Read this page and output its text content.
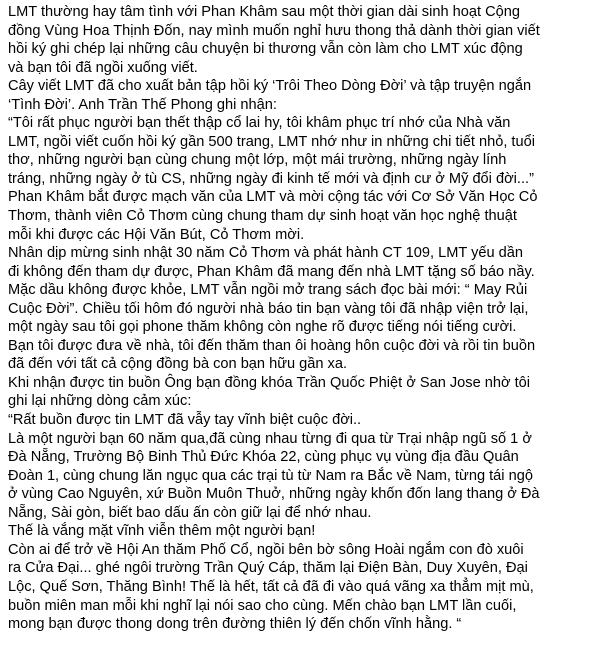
LMT thường hay tâm tình với Phan Khâm sau một thời gian dài sinh hoạt Cộng
đồng Vùng Hoa Thịnh Đốn, nay mình muốn nghỉ hưu thong thả dành thời gian viết
hồi ký ghi chép lại những câu chuyện bi thương vẫn còn làm cho LMT xúc động
và bạn tôi đã ngồi xuống viết.
Cây viết LMT đã cho xuất bản tập hồi ký ‘Trôi Theo Dòng Đời’ và tập truyện ngắn
‘Tình Đời’. Anh Trần Thế Phong ghi nhận:
“Tôi rất phục người bạn thết thập cổ lai hy, tôi khâm phục trí nhớ của Nhà văn
LMT, ngồi viết cuốn hồi ký gần 500 trang, LMT nhớ như in những chi tiết nhỏ, tuổi
thơ, những người bạn cùng chung một lớp, một mái trường, những ngày lính
tráng, những ngày ở tù CS, những ngày đi kinh tế mới và định cư ở Mỹ đổi đời...”
Phan Khâm bắt được mạch văn của LMT và mời cộng tác với Cơ Sở Văn Học Cỏ
Thơm, thành viên Cỏ Thơm cùng chung tham dự sinh hoạt văn học nghệ thuật
mỗi khi được các Hội Văn Bút, Cỏ Thơm mời.
Nhân dịp mừng sinh nhật 30 năm Cỏ Thơm và phát hành CT 109, LMT yếu dần
đi không đến tham dự được, Phan Khâm đã mang đến nhà LMT tặng số báo nầy.
Mặc dầu không được khỏe, LMT vẫn ngồi mở trang sách đọc bài mới: “ May Rủi
Cuộc Đời”. Chiều tối hôm đó người nhà báo tin bạn vàng tôi đã nhập viện trở lại,
một ngày sau tôi gọi phone thăm không còn nghe rõ được tiếng nói tiếng cười.
Bạn tôi được đưa về nhà, tôi đến thăm than ôi hoàng hôn cuộc đời và rồi tin buồn
đã đến với tất cả cộng đồng bà con bạn hữu gần xa.
Khi nhận được tin buồn Ông bạn đồng khóa Trần Quốc Phiệt ở San Jose nhờ tôi
ghi lại những dòng cảm xúc:
“Rất buồn được tin LMT đã vẫy tay vĩnh biệt cuộc đời..
Là một người bạn 60 năm qua,đã cùng nhau từng đi qua từ Trại nhập ngũ số 1 ở
Đà Nẵng, Trường Bộ Binh Thủ Đức Khóa 22, cùng phục vụ vùng địa đầu Quân
Đoàn 1, cùng chung lăn ngục qua các trại tù từ Nam ra Bắc về Nam, từng tái ngộ
ở vùng Cao Nguyên, xứ Buồn Muôn Thuở, những ngày khốn đốn lang thang ở Đà
Nẵng, Sài gòn, biết bao dấu ấn còn giữ lại để nhớ nhau.
Thế là vắng mặt vĩnh viễn thêm một người bạn!
Còn ai để trở về Hội An thăm Phố Cổ, ngồi bên bờ sông Hoài ngắm con đò xuôi
ra Cửa Đại... ghé ngôi trường Trần Quý Cáp, thăm lại Điện Bàn, Duy Xuyên, Đại
Lộc, Quế Sơn, Thăng Bình! Thế là hết, tất cả đã đi vào quá vãng xa thẳm mịt mù,
buồn miên man mỗi khi nghĩ lại nói sao cho cùng. Mến chào bạn LMT lần cuối,
mong bạn được thong dong trên đường thiên lý đến chốn vĩnh hằng. “
